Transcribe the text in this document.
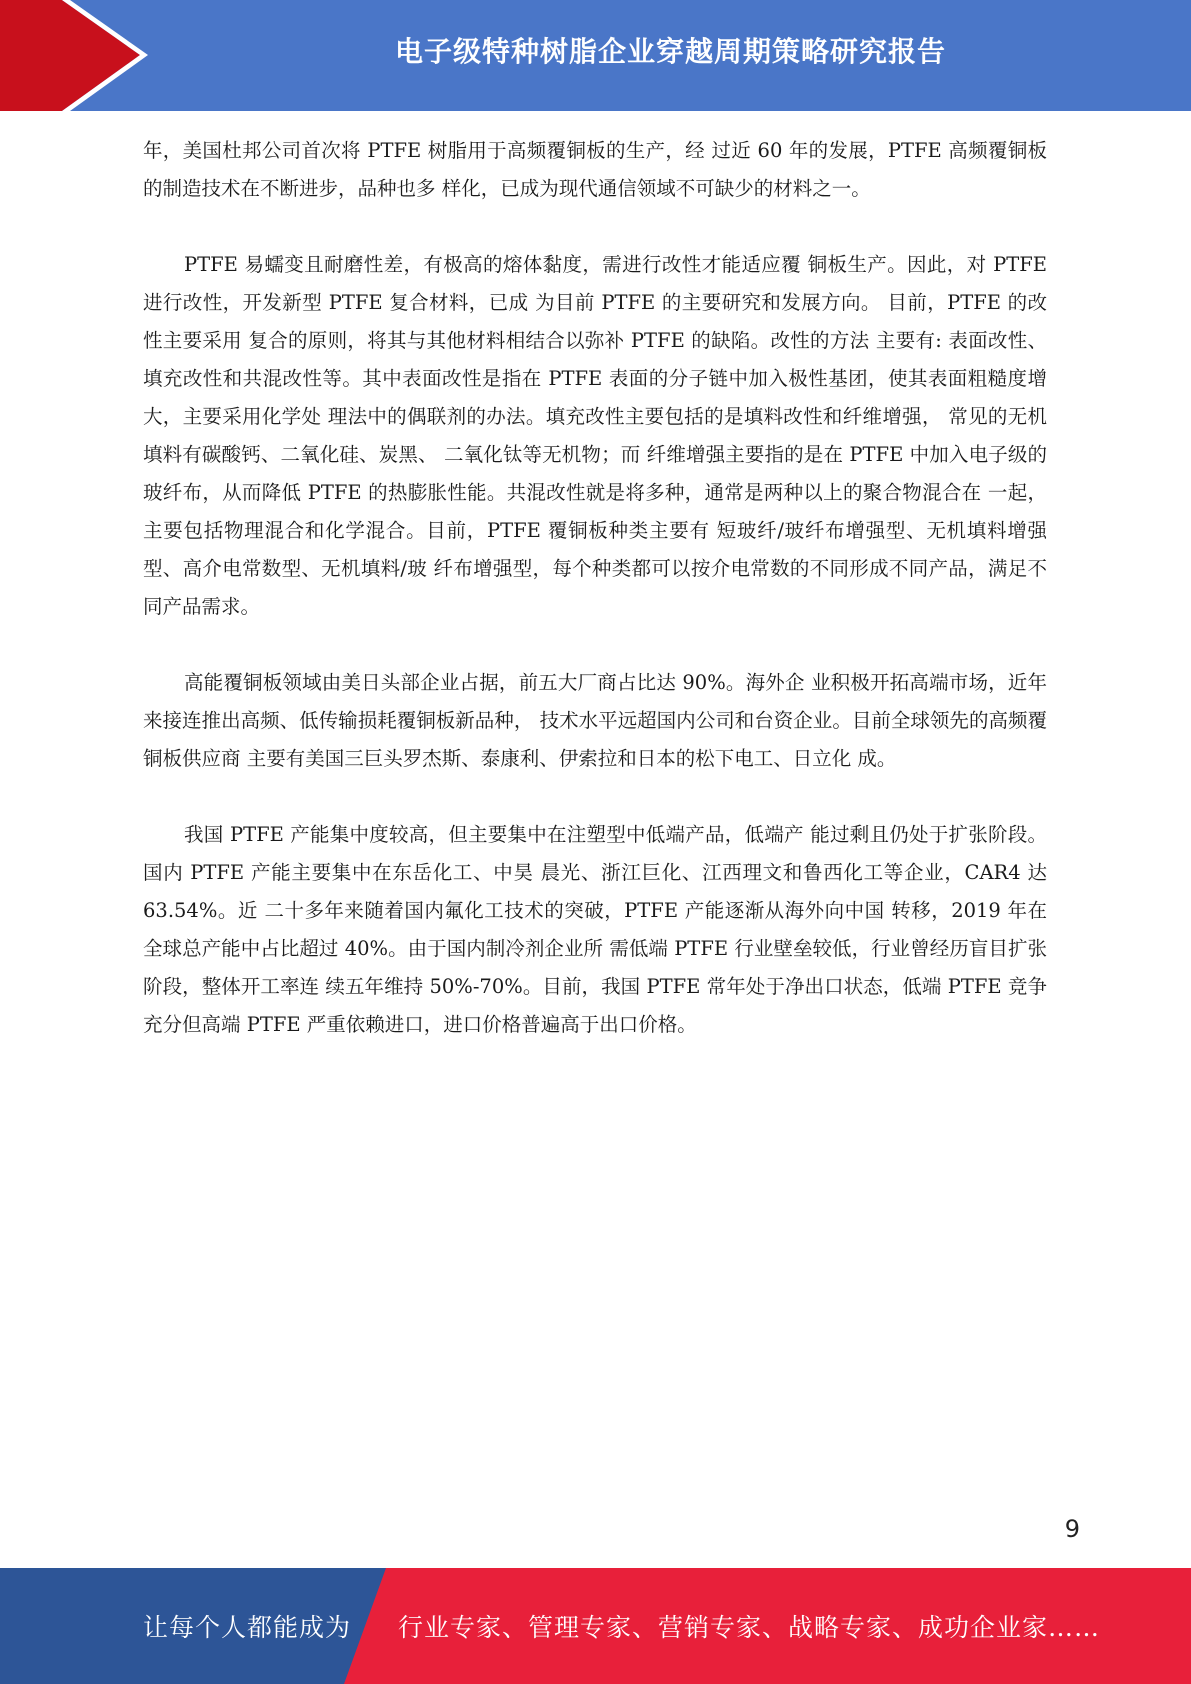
电子级特种树脂企业穿越周期策略研究报告

年，美国杜邦公司首次将 PTFE 树脂用于高频覆铜板的生产，经 过近 60 年的发展，PTFE 高频覆铜板的制造技术在不断进步，品种也多 样化，已成为现代通信领域不可缺少的材料之一。

PTFE 易蠕变且耐磨性差，有极高的熔体黏度，需进行改性才能适应覆 铜板生产。因此，对 PTFE 进行改性，开发新型 PTFE 复合材料，已成 为目前 PTFE 的主要研究和发展方向。 目前，PTFE 的改性主要采用 复合的原则，将其与其他材料相结合以弥补 PTFE 的缺陷。改性的方法 主要有: 表面改性、填充改性和共混改性等。其中表面改性是指在 PTFE 表面的分子链中加入极性基团，使其表面粗糙度增大，主要采用化学处 理法中的偶联剂的办法。填充改性主要包括的是填料改性和纤维增强， 常见的无机填料有碳酸钙、二氧化硅、炭黑、 二氧化钛等无机物；而 纤维增强主要指的是在 PTFE 中加入电子级的玻纤布，从而降低 PTFE 的热膨胀性能。共混改性就是将多种，通常是两种以上的聚合物混合在 一起，主要包括物理混合和化学混合。目前，PTFE 覆铜板种类主要有 短玻纤/玻纤布增强型、无机填料增强型、高介电常数型、无机填料/玻 纤布增强型，每个种类都可以按介电常数的不同形成不同产品，满足不 同产品需求。

高能覆铜板领域由美日头部企业占据，前五大厂商占比达 90%。海外企 业积极开拓高端市场，近年来接连推出高频、低传输损耗覆铜板新品种， 技术水平远超国内公司和台资企业。目前全球领先的高频覆铜板供应商 主要有美国三巨头罗杰斯、泰康利、伊索拉和日本的松下电工、日立化 成。

我国 PTFE 产能集中度较高，但主要集中在注塑型中低端产品，低端产 能过剩且仍处于扩张阶段。国内 PTFE 产能主要集中在东岳化工、中昊 晨光、浙江巨化、江西理文和鲁西化工等企业，CAR4 达 63.54%。近 二十多年来随着国内氟化工技术的突破，PTFE 产能逐渐从海外向中国 转移，2019 年在全球总产能中占比超过 40%。由于国内制冷剂企业所 需低端 PTFE 行业壁垒较低，行业曾经历盲目扩张阶段，整体开工率连 续五年维持 50%-70%。目前，我国 PTFE 常年处于净出口状态，低端 PTFE 竞争充分但高端 PTFE 严重依赖进口，进口价格普遍高于出口价格。

9
让每个人都能成为 行业专家、管理专家、营销专家、战略专家、成功企业家……
